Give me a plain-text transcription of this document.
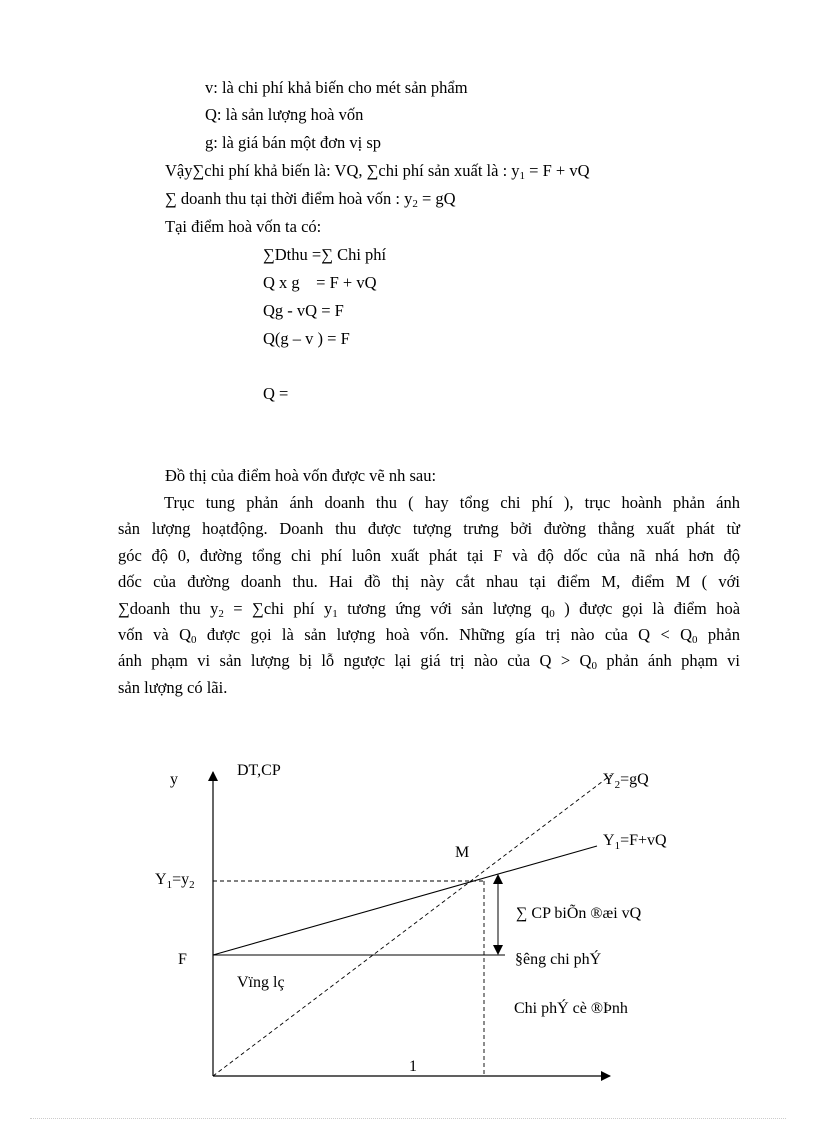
v: là chi phí khả biến cho mét sản phẩm
Q: là sản lượng hoà vốn
g: là giá bán một đơn vị sp
Vậy∑chi phí khả biến là: VQ, ∑chi phí sản xuất là : $y_1 = F$ + vQ
∑ doanh thu tại thời điểm hoà vốn : $y_2$ = gQ
Tại điểm hoà vốn ta có:
∑Dthu =∑ Chi phí
Q x g    = F + vQ
Qg - vQ = F
Q(g – v ) = F
Q =
Đồ thị của điểm hoà vốn được vẽ nh sau:
Trục tung phản ánh doanh thu ( hay tổng chi phí ), trục hoành phản ánh
sản lượng hoạtđộng. Doanh thu được tượng trưng bởi đường thẳng xuất phát từ
góc độ 0, đường tổng chi phí luôn xuất phát tại F và độ dốc của nã nhá hơn độ
dốc của đường doanh thu. Hai đồ thị này cắt nhau tại điểm M, điểm M ( với
∑doanh thu $y_2 = \sum chi$ phí $y_1$ tương ứng với sản lượng $q_0$ ) được gọi là điểm hoà
vốn và $Q_0$ được gọi là sản lượng hoà vốn. Những gía trị nào của $Q < Q_0$ phản
ánh phạm vi sản lượng bị lỗ ngược lại giá trị nào của $Q > Q_0$ phản ánh phạm vi
sản lượng có lãi.
y
DT,CP
$Y_1=y_2$
F
$Y_2=gQ$
$Y_1=F+vQ$
M
∑ CP biÕn ®æi vQ
§êng chi phÝ
Vïng lç
Chi phÝ cè ®Þnh
1
